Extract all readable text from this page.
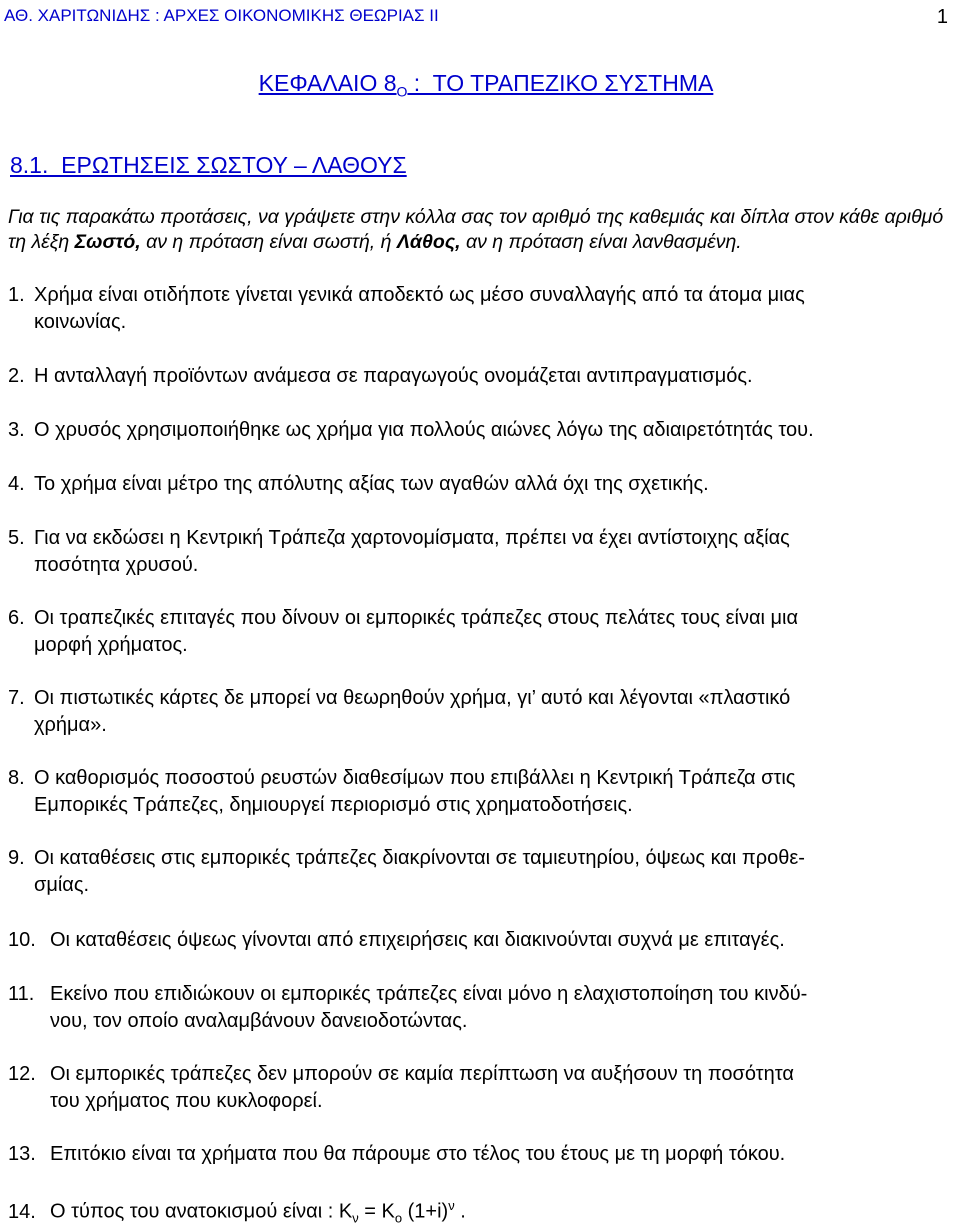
ΑΘ. ΧΑΡΙΤΩΝΙΔΗΣ : ΑΡΧΕΣ ΟΙΚΟΝΟΜΙΚΗΣ ΘΕΩΡΙΑΣ ΙΙ	1
ΚΕΦΑΛΑΙΟ $8_O$ :  ΤΟ ΤΡΑΠΕΖΙΚΟ ΣΥΣΤΗΜΑ
8.1.  ΕΡΩΤΗΣΕΙΣ ΣΩΣΤΟΥ – ΛΑΘΟΥΣ
Για τις παρακάτω προτάσεις, να γράψετε στην κόλλα σας τον αριθμό της καθεμιάς και δίπλα στον κάθε αριθμό τη λέξη Σωστό, αν η πρόταση είναι σωστή, ή Λάθος, αν η πρόταση είναι λανθασμένη.
1. Χρήμα είναι οτιδήποτε γίνεται γενικά αποδεκτό ως μέσο συναλλαγής από τα άτομα μιας
κοινωνίας.
2. Η ανταλλαγή προϊόντων ανάμεσα σε παραγωγούς ονομάζεται αντιπραγματισμός.
3. Ο χρυσός χρησιμοποιήθηκε ως χρήμα για πολλούς αιώνες λόγω της αδιαιρετότητάς του.
4. Το χρήμα είναι μέτρο της απόλυτης αξίας των αγαθών αλλά όχι της σχετικής.
5. Για να εκδώσει η Κεντρική Τράπεζα χαρτονομίσματα, πρέπει να έχει αντίστοιχης αξίας
ποσότητα χρυσού.
6. Οι τραπεζικές επιταγές που δίνουν οι εμπορικές τράπεζες στους πελάτες τους είναι μια
μορφή χρήματος.
7. Οι πιστωτικές κάρτες δε μπορεί να θεωρηθούν χρήμα, γι’ αυτό και λέγονται «πλαστικό
χρήμα».
8. Ο καθορισμός ποσοστού ρευστών διαθεσίμων που επιβάλλει η Κεντρική Τράπεζα στις
Εμπορικές Τράπεζες, δημιουργεί περιορισμό στις χρηματοδοτήσεις.
9. Οι καταθέσεις στις εμπορικές τράπεζες διακρίνονται σε ταμιευτηρίου, όψεως και προθε-
σμίας.
10. Οι καταθέσεις όψεως γίνονται από επιχειρήσεις και διακινούνται συχνά με επιταγές.
11. Εκείνο που επιδιώκουν οι εμπορικές τράπεζες είναι μόνο η ελαχιστοποίηση του κινδύ-
νου, τον οποίο αναλαμβάνουν δανειοδοτώντας.
12. Οι εμπορικές τράπεζες δεν μπορούν σε καμία περίπτωση να αυξήσουν τη ποσότητα
του χρήματος που κυκλοφορεί.
13. Επιτόκιο είναι τα χρήματα που θα πάρουμε στο τέλος του έτους με τη μορφή τόκου.
14. Ο τύπος του ανατοκισμού είναι : $K_\nu = K_o$ $(1+i)^\nu$ .
